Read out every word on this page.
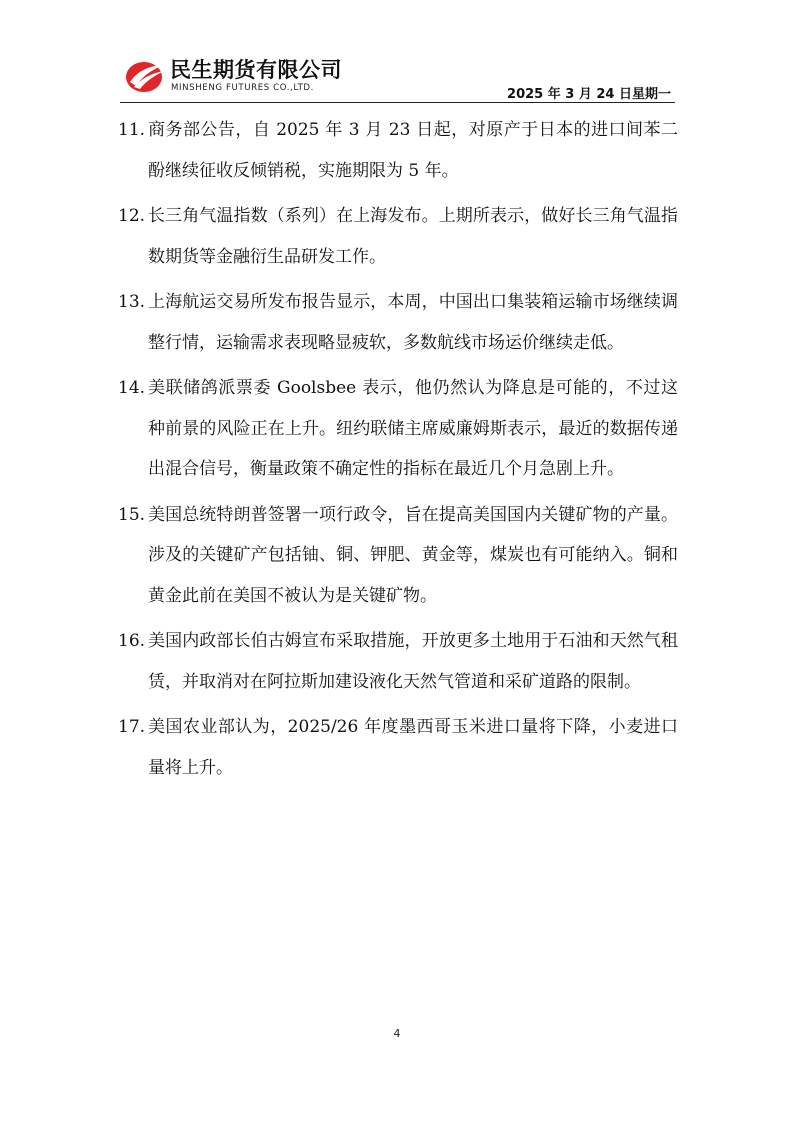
民生期货有限公司
MINSHENG FUTURES CO.,LTD.	2025 年 3 月 24 日星期一
11. 商务部公告，自 2025 年 3 月 23 日起，对原产于日本的进口间苯二酚继续征收反倾销税，实施期限为 5 年。
12. 长三角气温指数（系列）在上海发布。上期所表示，做好长三角气温指数期货等金融衍生品研发工作。
13. 上海航运交易所发布报告显示，本周，中国出口集装箱运输市场继续调整行情，运输需求表现略显疲软，多数航线市场运价继续走低。
14. 美联储鸽派票委 Goolsbee 表示，他仍然认为降息是可能的，不过这种前景的风险正在上升。纽约联储主席威廉姆斯表示，最近的数据传递出混合信号，衡量政策不确定性的指标在最近几个月急剧上升。
15. 美国总统特朗普签署一项行政令，旨在提高美国国内关键矿物的产量。涉及的关键矿产包括铀、铜、钾肥、黄金等，煤炭也有可能纳入。铜和黄金此前在美国不被认为是关键矿物。
16. 美国内政部长伯古姆宣布采取措施，开放更多土地用于石油和天然气租赁，并取消对在阿拉斯加建设液化天然气管道和采矿道路的限制。
17. 美国农业部认为，2025/26 年度墨西哥玉米进口量将下降，小麦进口量将上升。
4
